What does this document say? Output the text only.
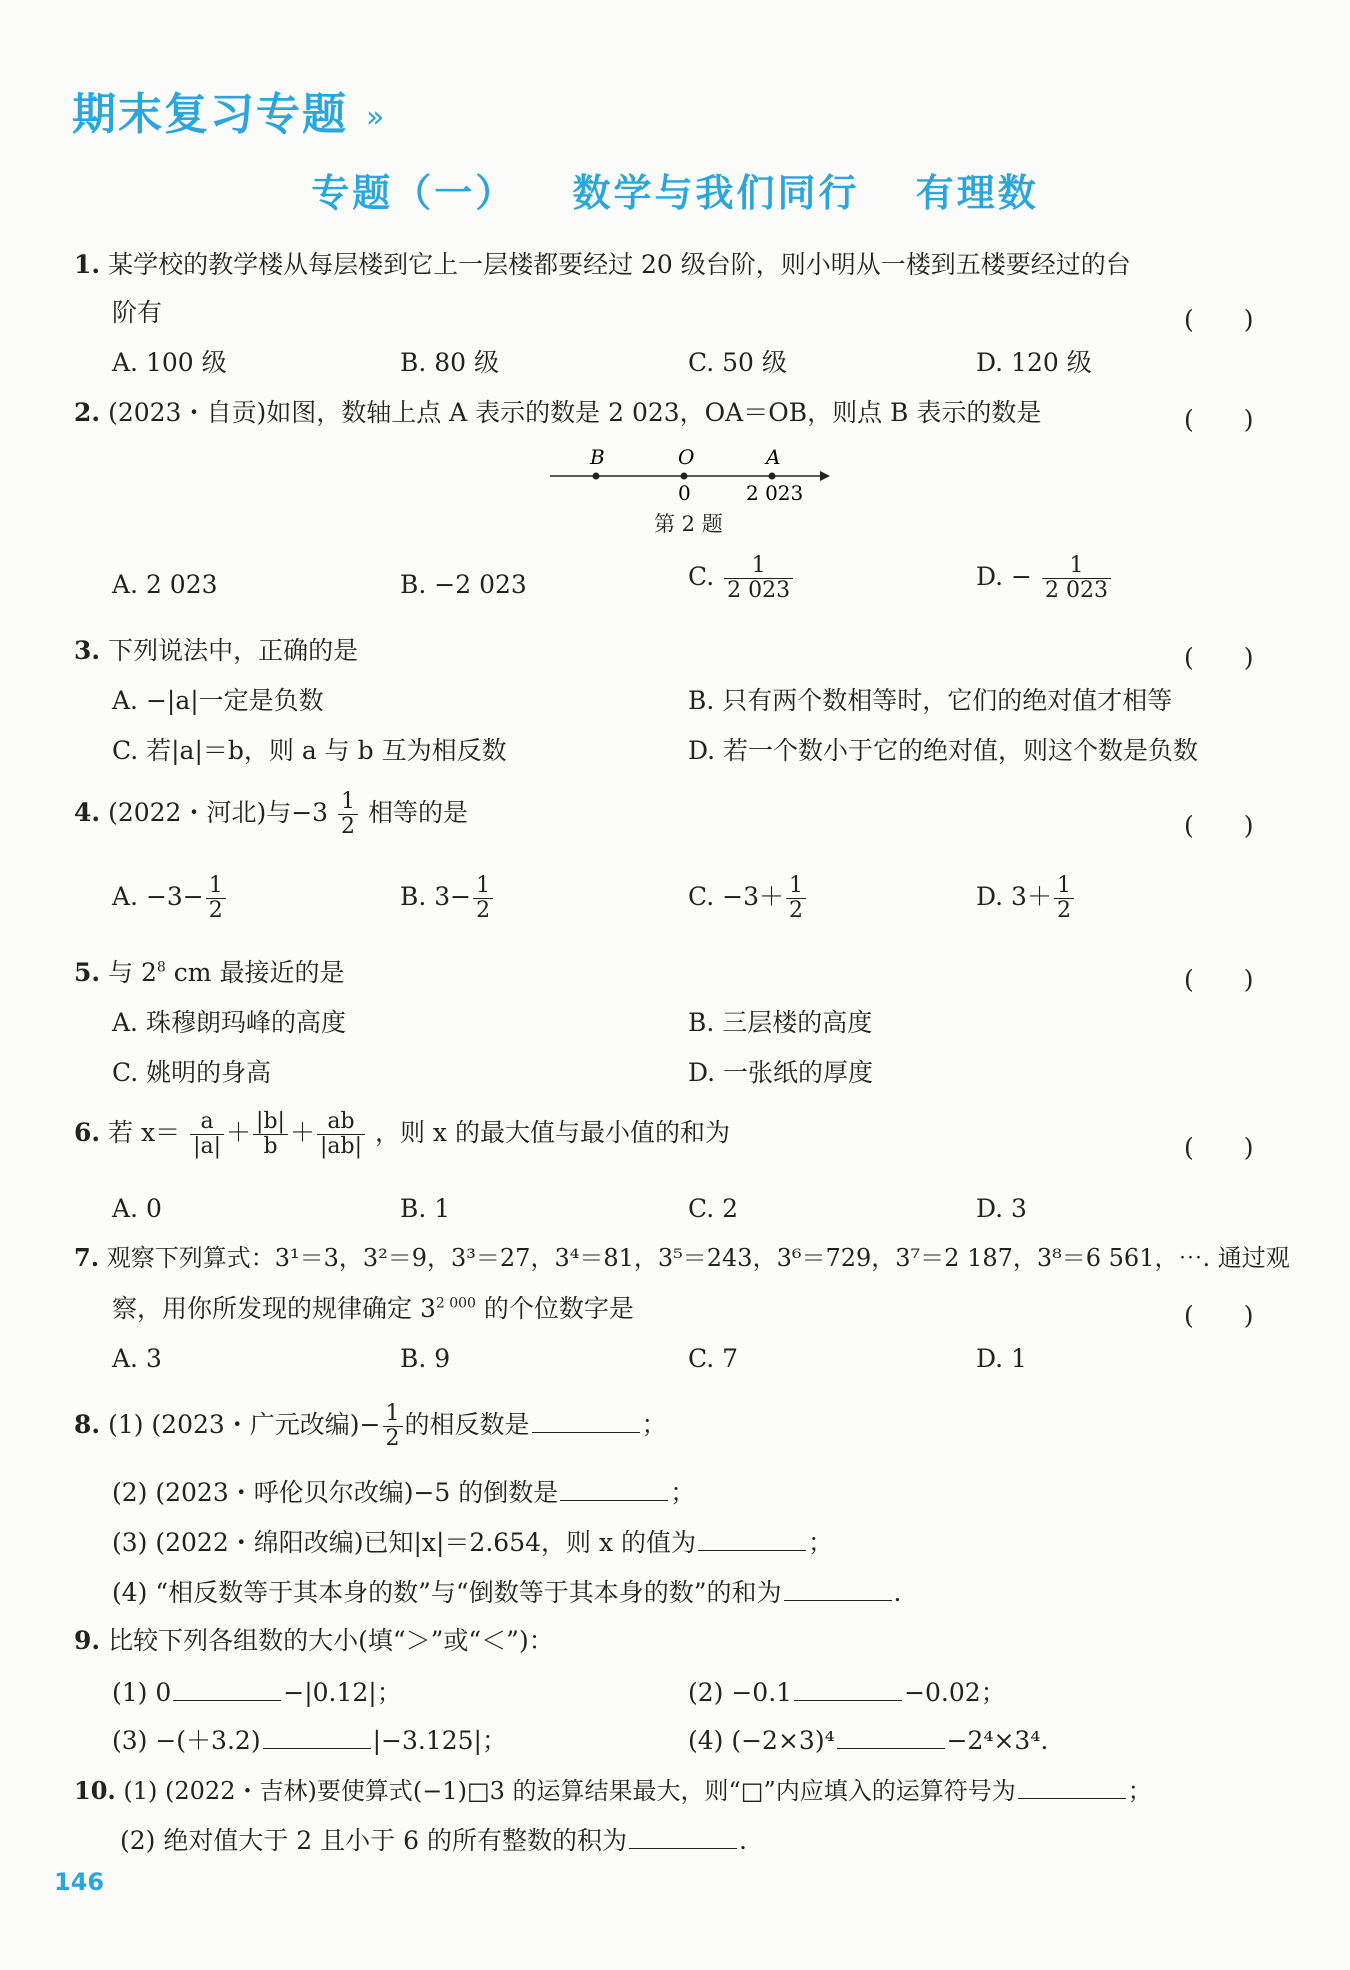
期末复习专题 »
专题（一） 数学与我们同行 有理数
1. 某学校的教学楼从每层楼到它上一层楼都要经过 20 级台阶，则小明从一楼到五楼要经过的台
阶有	(　　)
A. 100 级	B. 80 级	C. 50 级	D. 120 级
2. (2023・自贡)如图，数轴上点 A 表示的数是 2 023，OA＝OB，则点 B 表示的数是	(　　)
B	O	A
0	2 023
第 2 题
A. 2 023	B. −2 023	C. $\frac{1}{2 023}$	D. − $\frac{1}{2 023}$
3. 下列说法中，正确的是	(　　)
A. −|a|一定是负数	B. 只有两个数相等时，它们的绝对值才相等
C. 若|a|＝b，则 a 与 b 互为相反数	D. 若一个数小于它的绝对值，则这个数是负数
4. (2022・河北)与$-3 \frac{1}{2}$ 相等的是	(　　)
A. $-3- \frac{1}{2}$	B. $3- \frac{1}{2}$	C. $-3+ \frac{1}{2}$	D. $3+ \frac{1}{2}$
5. 与 $2^8$ cm 最接近的是	(　　)
A. 珠穆朗玛峰的高度	B. 三层楼的高度
C. 姚明的身高	D. 一张纸的厚度
6. 若 $x= \frac{a}{|a|} + \frac{|b|}{b} + \frac{ab}{|ab|}$ ，则 x 的最大值与最小值的和为
(　　)
A. 0	B. 1	C. 2	D. 3
7. 观察下列算式：3¹＝3，3²＝9，3³＝27，3⁴＝81，3⁵＝243，3⁶＝729，3⁷＝2 187，3⁸＝6 561，⋯. 通过观
察，用你所发现的规律确定 $3^{2 000}$ 的个位数字是	(　　)
A. 3	B. 9	C. 7	D. 1
8. (1) (2023・广元改编)− $\frac{1}{2}$ 的相反数是	；
(2) (2023・呼伦贝尔改编)−5 的倒数是	；
(3) (2022・绵阳改编)已知|x|＝2.654，则 x 的值为	；
(4) “相反数等于其本身的数”与“倒数等于其本身的数”的和为	.
9. 比较下列各组数的大小(填“＞”或“＜”)：
(1) 0	−|0.12|；	(2) −0.1	−0.02；
(3) −(＋3.2)	|−3.125|；	(4) (−2×3)⁴	−2⁴×3⁴.
10. (1) (2022・吉林)要使算式(−1)□3 的运算结果最大，则“□”内应填入的运算符号为	；
(2) 绝对值大于 2 且小于 6 的所有整数的积为	.
146
